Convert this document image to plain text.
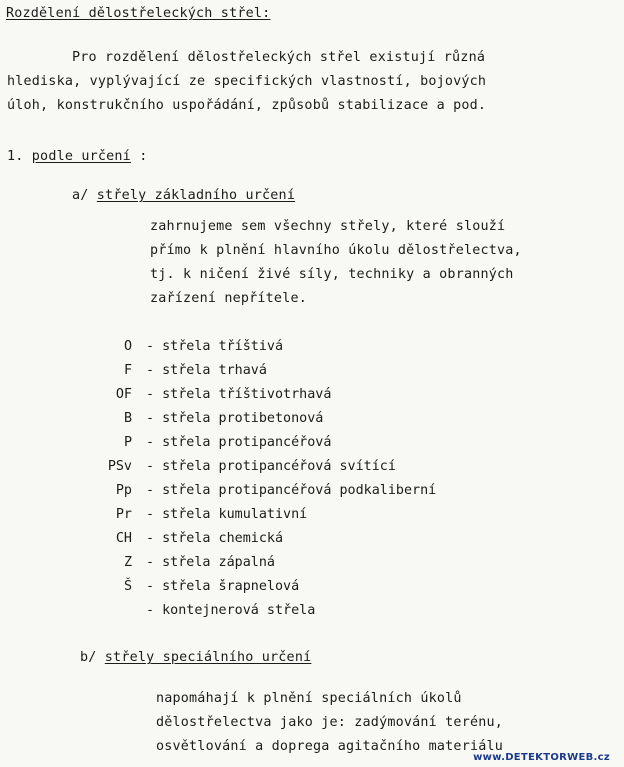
Rozdělení dělostřeleckých střel:
Pro rozdělení dělostřeleckých střel existují různá
hlediska, vyplývající ze specifických vlastností, bojových
úloh, konstrukčního uspořádání, způsobů stabilizace a pod.
1. podle určení :
a/ střely základního určení
zahrnujeme sem všechny střely, které slouží
přímo k plnění hlavního úkolu dělostřelectva,
tj. k ničení živé síly, techniky a obranných
zařízení nepřítele.
O - střela tříštivá
F - střela trhavá
OF - střela tříštivotrhavá
B - střela protibetonová
P - střela protipancéřová
PSv - střela protipancéřová svítící
Pp - střela protipancéřová podkaliberní
Pr - střela kumulativní
CH - střela chemická
Z - střela zápalná
Š - střela šrapnelová
- kontejnerová střela
b/ střely speciálního určení
napomáhají k plnění speciálních úkolů
dělostřelectva jako je: zadýmování terénu,
osvětlování a doprega agitačního materiálu
www.DETEKTORWEB.cz
